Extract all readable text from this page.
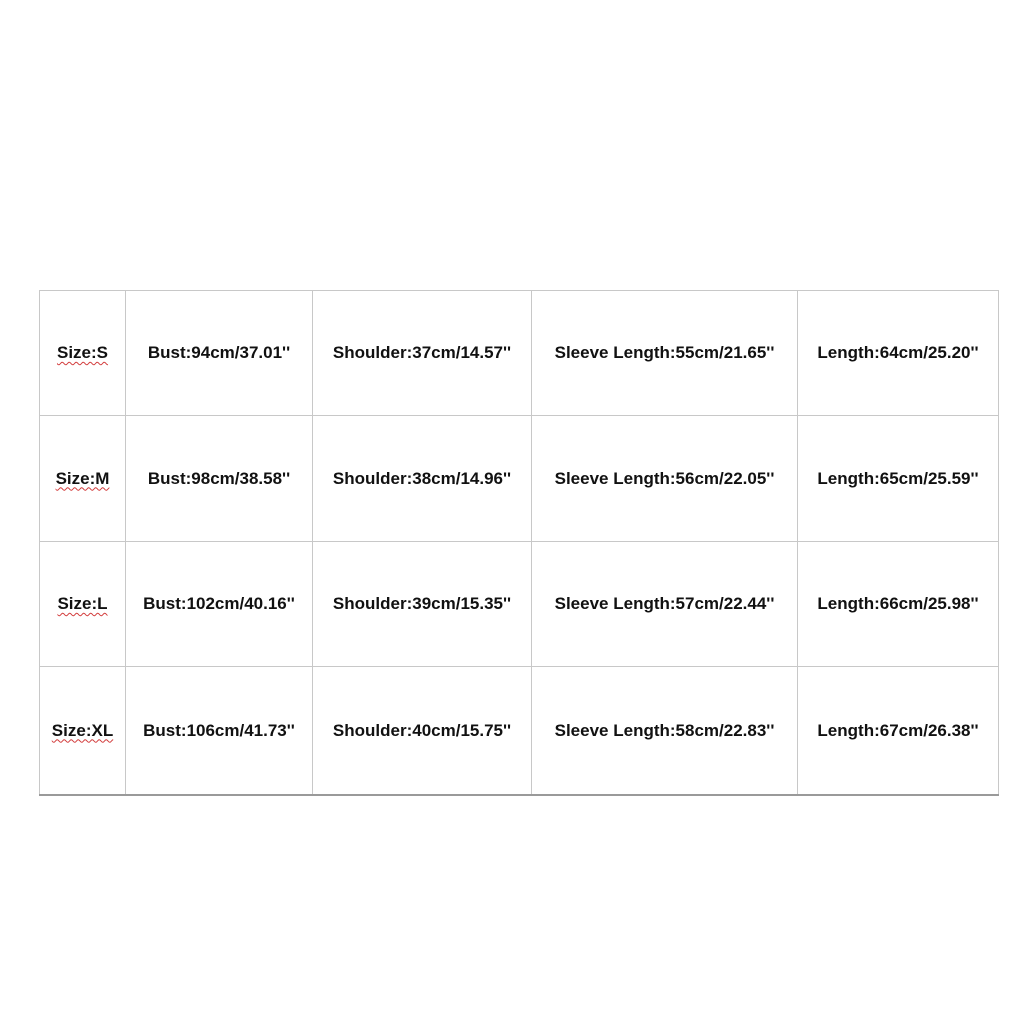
Size:S	Bust:94cm/37.01''	Shoulder:37cm/14.57''	Sleeve Length:55cm/21.65''	Length:64cm/25.20''
Size:M	Bust:98cm/38.58''	Shoulder:38cm/14.96''	Sleeve Length:56cm/22.05''	Length:65cm/25.59''
Size:L	Bust:102cm/40.16''	Shoulder:39cm/15.35''	Sleeve Length:57cm/22.44''	Length:66cm/25.98''
Size:XL	Bust:106cm/41.73''	Shoulder:40cm/15.75''	Sleeve Length:58cm/22.83''	Length:67cm/26.38''
